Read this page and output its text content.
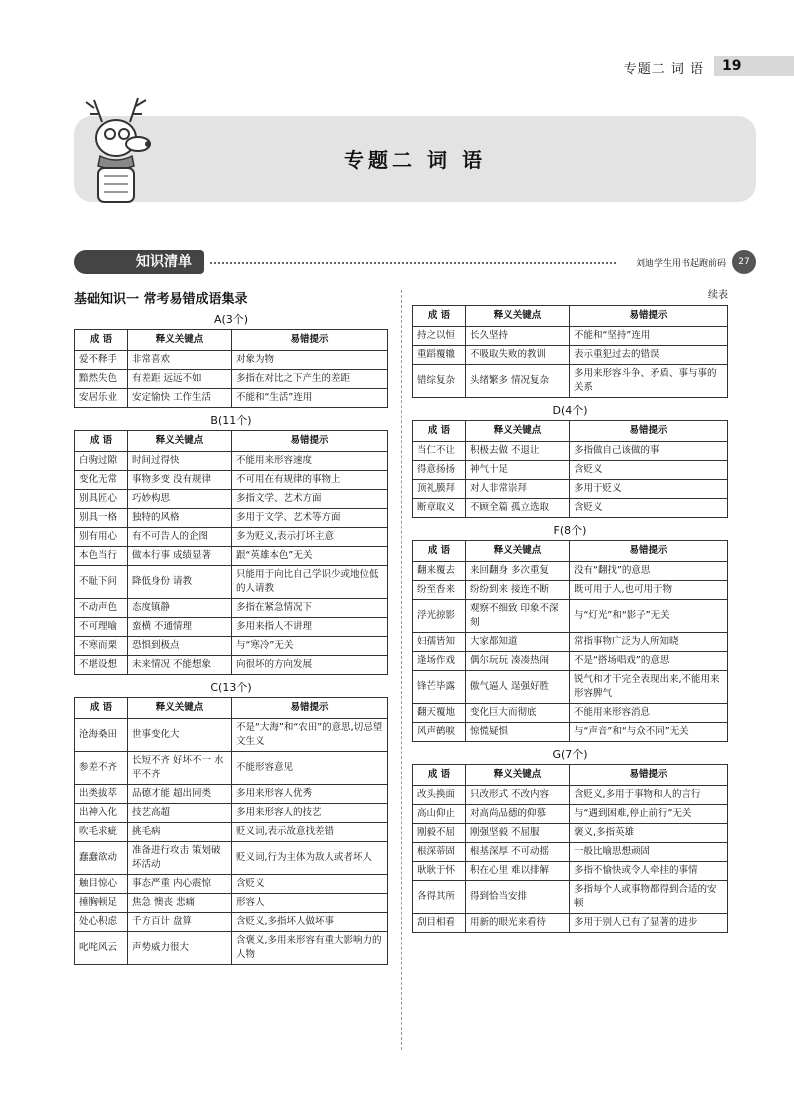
专题二 词 语	19
专题二 词 语
知识清单	刘迪学生用书起跑前码	27
基础知识一 常考易错成语集录
A(3个)
成 语	释义关键点	易错提示
爱不释手	非常喜欢	对象为物
黯然失色	有差距 远远不如	多指在对比之下产生的差距
安居乐业	安定愉快 工作生活	不能和“生活”连用
B(11个)
成 语	释义关键点	易错提示
白驹过隙	时间过得快	不能用来形容速度
变化无常	事物多变 没有规律	不可用在有规律的事物上
别具匠心	巧妙构思	多指文学、艺术方面
别具一格	独特的风格	多用于文学、艺术等方面
别有用心	有不可告人的企图	多为贬义,表示打坏主意
本色当行	做本行事 成绩显著	跟“英雄本色”无关
不耻下问	降低身份 请教	只能用于向比自己学识少或地位低的人请教
不动声色	态度镇静	多指在紧急情况下
不可理喻	蛮横 不通情理	多用来指人不讲理
不寒而栗	恐惧到极点	与“寒冷”无关
不堪设想	未来情况 不能想象	向很坏的方向发展
C(13个)
成 语	释义关键点	易错提示
沧海桑田	世事变化大	不是“大海”和“农田”的意思,切忌望文生义
参差不齐	长短不齐 好坏不一 水平不齐	不能形容意见
出类拔萃	品德才能 超出同类	多用来形容人优秀
出神入化	技艺高超	多用来形容人的技艺
吹毛求疵	挑毛病	贬义词,表示故意找差错
蠢蠢欲动	准备进行攻击 策划破坏活动	贬义词,行为主体为敌人或者坏人
触目惊心	事态严重 内心震惊	含贬义
捶胸顿足	焦急 懊丧 悲痛	形容人
处心积虑	千方百计 盘算	含贬义,多指坏人做坏事
叱咤风云	声势威力很大	含褒义,多用来形容有重大影响力的人物
续表
成 语	释义关键点	易错提示
持之以恒	长久坚持	不能和“坚持”连用
重蹈覆辙	不吸取失败的教训	表示重犯过去的错误
错综复杂	头绪繁多 情况复杂	多用来形容斗争、矛盾、事与事的关系
D(4个)
成 语	释义关键点	易错提示
当仁不让	积极去做 不退让	多指做自己该做的事
得意扬扬	神气十足	含贬义
顶礼膜拜	对人非常崇拜	多用于贬义
断章取义	不顾全篇 孤立选取	含贬义
F(8个)
成 语	释义关键点	易错提示
翻来覆去	来回翻身 多次重复	没有“翻找”的意思
纷至沓来	纷纷到来 接连不断	既可用于人,也可用于物
浮光掠影	观察不细致 印象不深刻	与“灯光”和“影子”无关
妇孺皆知	大家都知道	常指事物广泛为人所知晓
逢场作戏	偶尔玩玩 凑凑热闹	不是“搭场唱戏”的意思
锋芒毕露	傲气逼人 逞强好胜	锐气和才干完全表现出来,不能用来形容脾气
翻天覆地	变化巨大而彻底	不能用来形容消息
风声鹤唳	惊慌疑惧	与“声音”和“与众不同”无关
G(7个)
成 语	释义关键点	易错提示
改头换面	只改形式 不改内容	含贬义,多用于事物和人的言行
高山仰止	对高尚品德的仰慕	与“遇到困难,停止前行”无关
刚毅不屈	刚强坚毅 不屈服	褒义,多指英雄
根深蒂固	根基深厚 不可动摇	一般比喻思想顽固
耿耿于怀	积在心里 难以排解	多指不愉快或令人牵挂的事情
各得其所	得到恰当安排	多指每个人或事物都得到合适的安顿
刮目相看	用新的眼光来看待	多用于别人已有了显著的进步
